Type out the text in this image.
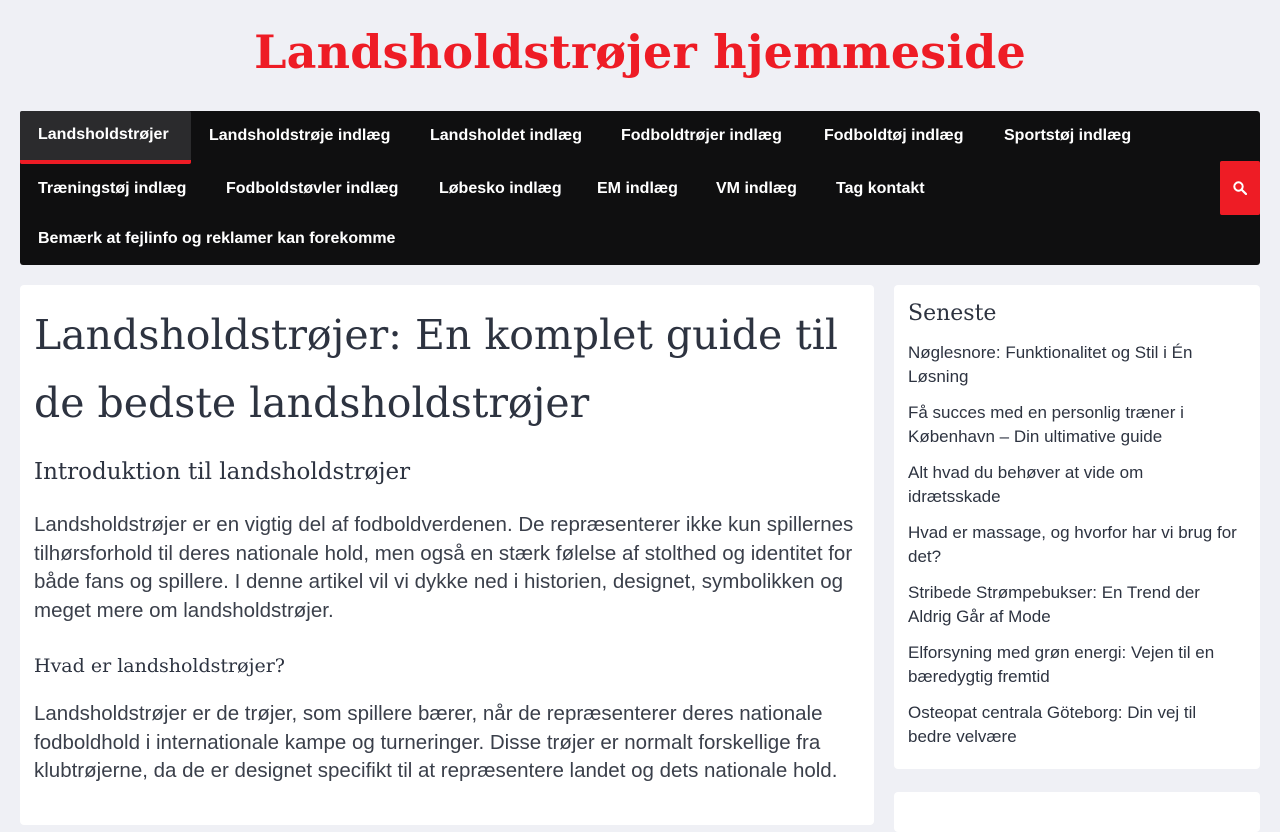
Landsholdstrøjer hjemmeside
Landsholdstrøjer	Landsholdstrøje indlæg Landsholdet indlæg Fodboldtrøjer indlæg	Fodboldtøj indlæg	Sportstøj indlæg
Træningstøj indlæg Fodboldstøvler indlæg	Løbesko indlæg EM indlæg VM indlæg Tag kontakt
Bemærk at fejlinfo og reklamer kan forekomme
Landsholdstrøjer: En komplet guide til de bedste landsholdstrøjer
Introduktion til landsholdstrøjer

Landsholdstrøjer er en vigtig del af fodboldverdenen. De repræsenterer ikke kun spillernes tilhørsforhold til deres nationale hold, men også en stærk følelse af stolthed og identitet for både fans og spillere. I denne artikel vil vi dykke ned i historien, designet, symbolikken og meget mere om landsholdstrøjer.

Hvad er landsholdstrøjer?

Landsholdstrøjer er de trøjer, som spillere bærer, når de repræsenterer deres nationale fodboldhold i internationale kampe og turneringer. Disse trøjer er normalt forskellige fra klubtrøjerne, da de er designet specifikt til at repræsentere landet og dets nationale hold.

Seneste
Nøglesnore: Funktionalitet og Stil i Én Løsning
Få succes med en personlig træner i København – Din ultimative guide
Alt hvad du behøver at vide om idrætsskade
Hvad er massage, og hvorfor har vi brug for det?
Stribede Strømpebukser: En Trend der Aldrig Går af Mode
Elforsyning med grøn energi: Vejen til en bæredygtig fremtid
Osteopat centrala Göteborg: Din vej til bedre velvære
